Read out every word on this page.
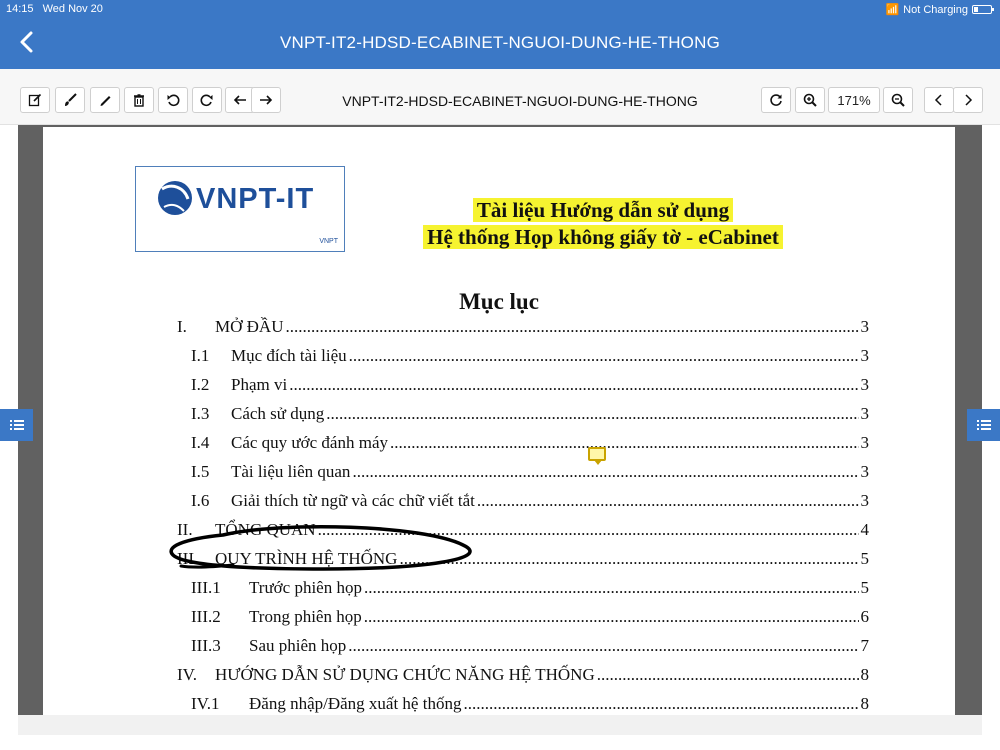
14:15 Wed Nov 20	📶 Not Charging
VNPT-IT2-HDSD-ECABINET-NGUOI-DUNG-HE-THONG
VNPT-IT2-HDSD-ECABINET-NGUOI-DUNG-HE-THONG	171%
VNPT-IT
VNPT
Tài liệu Hướng dẫn sử dụng
Hệ thống Họp không giấy tờ - eCabinet
Mục lục
I.	MỞ ĐẦU .....	3
I.1	Mục đích tài liệu .....	3
I.2	Phạm vi .....	3
I.3	Cách sử dụng .....	3
I.4	Các quy ước đánh máy .....	3
I.5	Tài liệu liên quan .....	3
I.6	Giải thích từ ngữ và các chữ viết tắt .....	3
II.	TỔNG QUAN .....	4
III. QUY TRÌNH HỆ THỐNG .....	5
III.1	Trước phiên họp .....	5
III.2	Trong phiên họp .....	6
III.3	Sau phiên họp .....	7
IV.	HƯỚNG DẪN SỬ DỤNG CHỨC NĂNG HỆ THỐNG .....	8
IV.1	Đăng nhập/Đăng xuất hệ thống .....	8
